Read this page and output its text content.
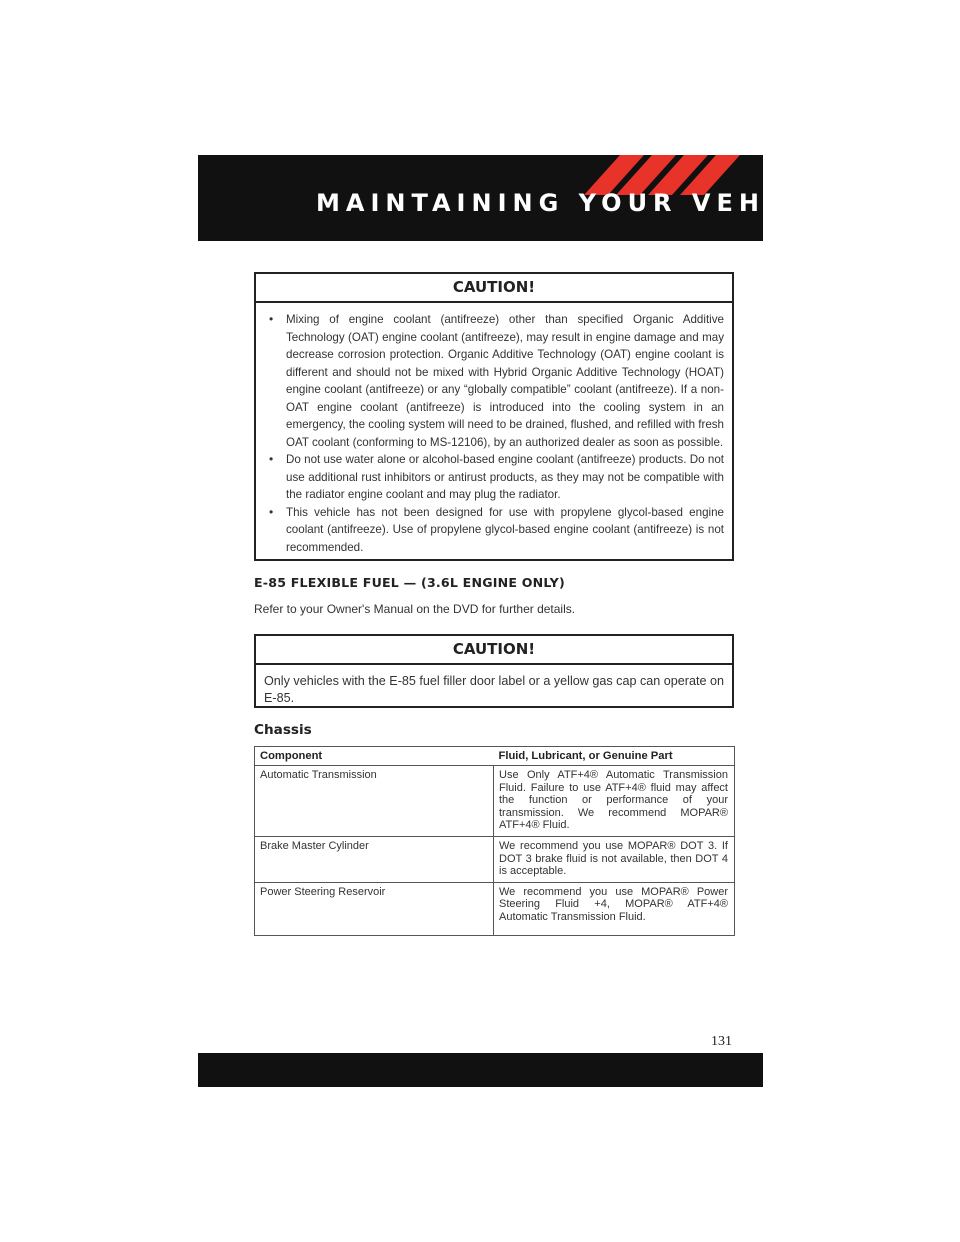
MAINTAINING YOUR VEHICLE
CAUTION!
• Mixing of engine coolant (antifreeze) other than specified Organic Additive Technology (OAT) engine coolant (antifreeze), may result in engine damage and may decrease corrosion protection. Organic Additive Technology (OAT) engine coolant is different and should not be mixed with Hybrid Organic Additive Technology (HOAT) engine coolant (antifreeze) or any “globally compatible” coolant (antifreeze). If a non-OAT engine coolant (antifreeze) is introduced into the cooling system in an emergency, the cooling system will need to be drained, flushed, and refilled with fresh OAT coolant (conforming to MS-12106), by an authorized dealer as soon as possible.
• Do not use water alone or alcohol-based engine coolant (antifreeze) products. Do not use additional rust inhibitors or antirust products, as they may not be compatible with the radiator engine coolant and may plug the radiator.
• This vehicle has not been designed for use with propylene glycol-based engine coolant (antifreeze). Use of propylene glycol-based engine coolant (antifreeze) is not recommended.
E-85 FLEXIBLE FUEL — (3.6L ENGINE ONLY)
Refer to your Owner's Manual on the DVD for further details.
CAUTION!
Only vehicles with the E-85 fuel filler door label or a yellow gas cap can operate on E-85.
Chassis
Component	Fluid, Lubricant, or Genuine Part
Automatic Transmission	Use Only ATF+4® Automatic Transmission Fluid. Failure to use ATF+4® fluid may affect the function or performance of your transmission. We recommend MOPAR® ATF+4® Fluid.
Brake Master Cylinder	We recommend you use MOPAR® DOT 3. If DOT 3 brake fluid is not available, then DOT 4 is acceptable.
Power Steering Reservoir	We recommend you use MOPAR® Power Steering Fluid +4, MOPAR® ATF+4® Automatic Transmission Fluid.
131
